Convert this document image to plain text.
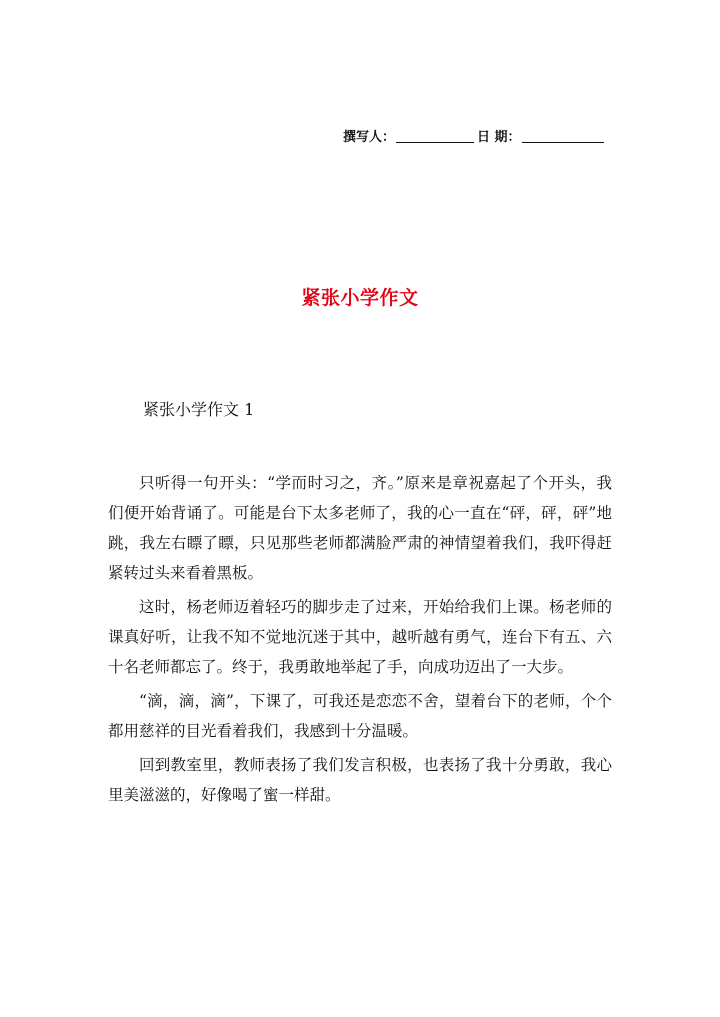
撰写人：	日 期：
紧张小学作文
紧张小学作文 1

只听得一句开头：“学而时习之，齐。”原来是章祝嘉起了个开头，我们便开始背诵了。可能是台下太多老师了，我的心一直在“砰，砰，砰”地跳，我左右瞟了瞟，只见那些老师都满脸严肃的神情望着我们，我吓得赶紧转过头来看着黑板。

这时，杨老师迈着轻巧的脚步走了过来，开始给我们上课。杨老师的课真好听，让我不知不觉地沉迷于其中，越听越有勇气，连台下有五、六十名老师都忘了。终于，我勇敢地举起了手，向成功迈出了一大步。

“滴，滴，滴”，下课了，可我还是恋恋不舍，望着台下的老师，个个都用慈祥的目光看着我们，我感到十分温暖。

回到教室里，教师表扬了我们发言积极，也表扬了我十分勇敢，我心里美滋滋的，好像喝了蜜一样甜。
